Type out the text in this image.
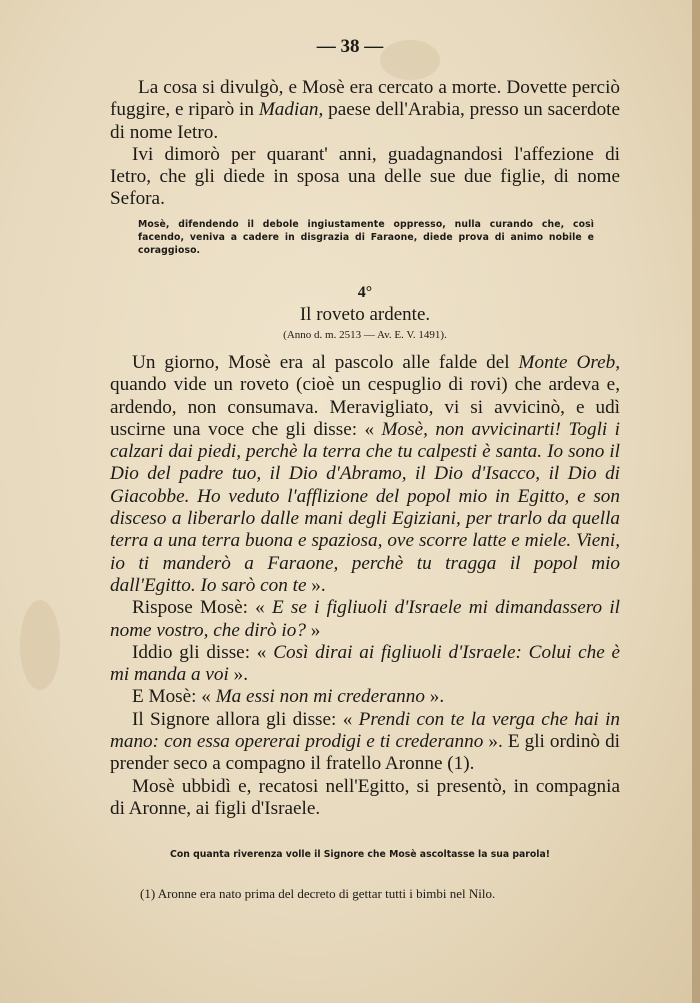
— 38 —

La cosa si divulgò, e Mosè era cercato a morte. Dovette perciò fuggire, e riparò in Madian, paese dell'Arabia, presso un sacerdote di nome Ietro.

Ivi dimorò per quarant' anni, guadagnandosi l'affezione di Ietro, che gli diede in sposa una delle sue due figlie, di nome Sefora.

Mosè, difendendo il debole ingiustamente oppresso, nulla curando che, così facendo, veniva a cadere in disgrazia di Faraone, diede prova di animo nobile e coraggioso.
4°
Il roveto ardente.
(Anno d. m. 2513 — Av. E. V. 1491).

Un giorno, Mosè era al pascolo alle falde del Monte Oreb, quando vide un roveto (cioè un cespuglio di rovi) che ardeva e, ardendo, non consumava. Meravigliato, vi si avvicinò, e udì uscirne una voce che gli disse: « Mosè, non avvicinarti! Togli i calzari dai piedi, perchè la terra che tu calpesti è santa. Io sono il Dio del padre tuo, il Dio d'Abramo, il Dio d'Isacco, il Dio di Giacobbe. Ho veduto l'afflizione del popol mio in Egitto, e son disceso a liberarlo dalle mani degli Egiziani, per trarlo da quella terra a una terra buona e spaziosa, ove scorre latte e miele. Vieni, io ti manderò a Faraone, perchè tu tragga il popol mio dall'Egitto. Io sarò con te ».

Rispose Mosè: « E se i figliuoli d'Israele mi dimandassero il nome vostro, che dirò io? »

Iddio gli disse: « Così dirai ai figliuoli d'Israele: Colui che è mi manda a voi ».

E Mosè: « Ma essi non mi crederanno ».

Il Signore allora gli disse: « Prendi con te la verga che hai in mano: con essa opererai prodigi e ti crederanno ». E gli ordinò di prender seco a compagno il fratello Aronne (1).

Mosè ubbidì e, recatosi nell'Egitto, si presentò, in compagnia di Aronne, ai figli d'Israele.

Con quanta riverenza volle il Signore che Mosè ascoltasse la sua parola!
(1) Aronne era nato prima del decreto di gettar tutti i bimbi nel Nilo.
